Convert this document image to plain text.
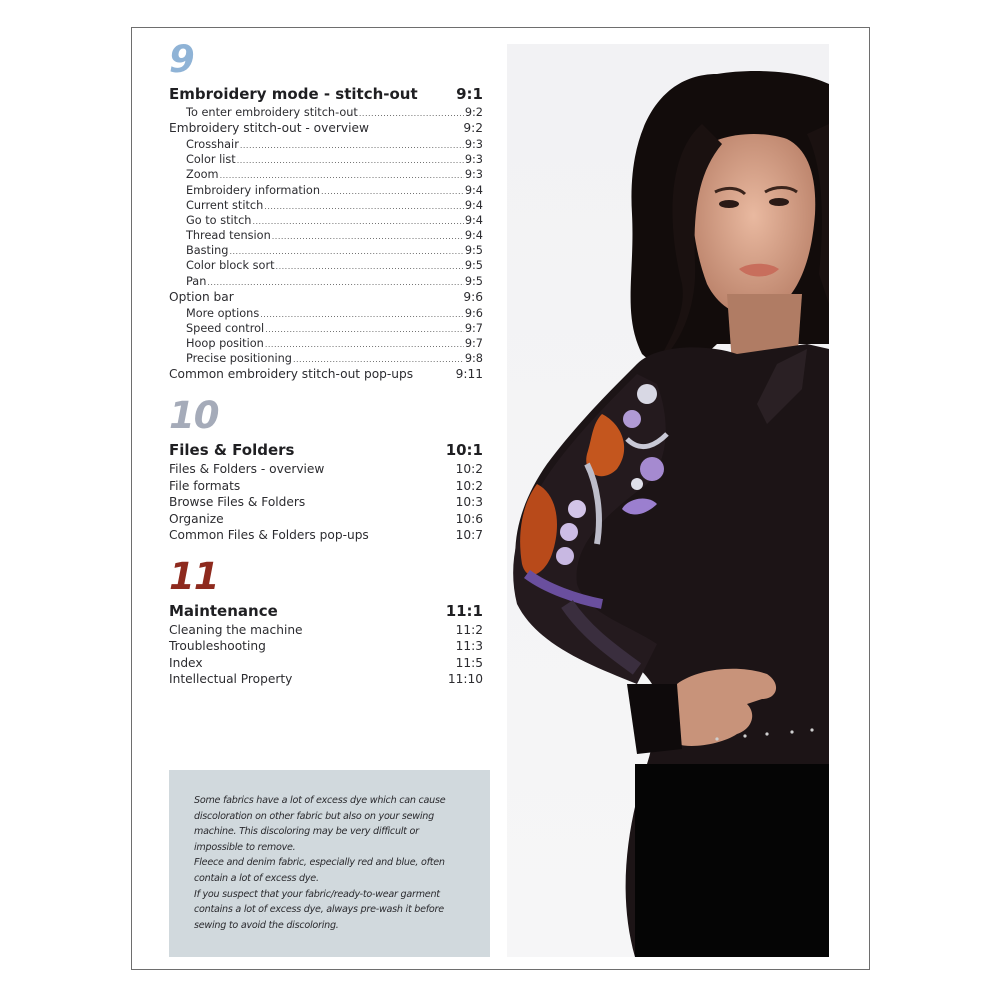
9
Embroidery mode - stitch-out	9:1
To enter embroidery stitch-out .....	9:2
Embroidery stitch-out - overview	9:2
Crosshair .....	9:3
Color list .....	9:3
Zoom .....	9:3
Embroidery information .....	9:4
Current stitch .....	9:4
Go to stitch .....	9:4
Thread tension .....	9:4
Basting .....	9:5
Color block sort .....	9:5
Pan .....	9:5
Option bar	9:6
More options .....	9:6
Speed control .....	9:7
Hoop position .....	9:7
Precise positioning .....	9:8
Common embroidery stitch-out pop-ups	9:11
10
Files & Folders	10:1
Files & Folders - overview	10:2
File formats	10:2
Browse Files & Folders	10:3
Organize	10:6
Common Files & Folders pop-ups	10:7
11
Maintenance	11:1
Cleaning the machine	11:2
Troubleshooting	11:3
Index	11:5
Intellectual Property	11:10

Some fabrics have a lot of excess dye which can cause discoloration on other fabric but also on your sewing machine. This discoloring may be very difficult or impossible to remove.

Fleece and denim fabric, especially red and blue, often contain a lot of excess dye.

If you suspect that your fabric/ready-to-wear garment contains a lot of excess dye, always pre-wash it before sewing to avoid the discoloring.
